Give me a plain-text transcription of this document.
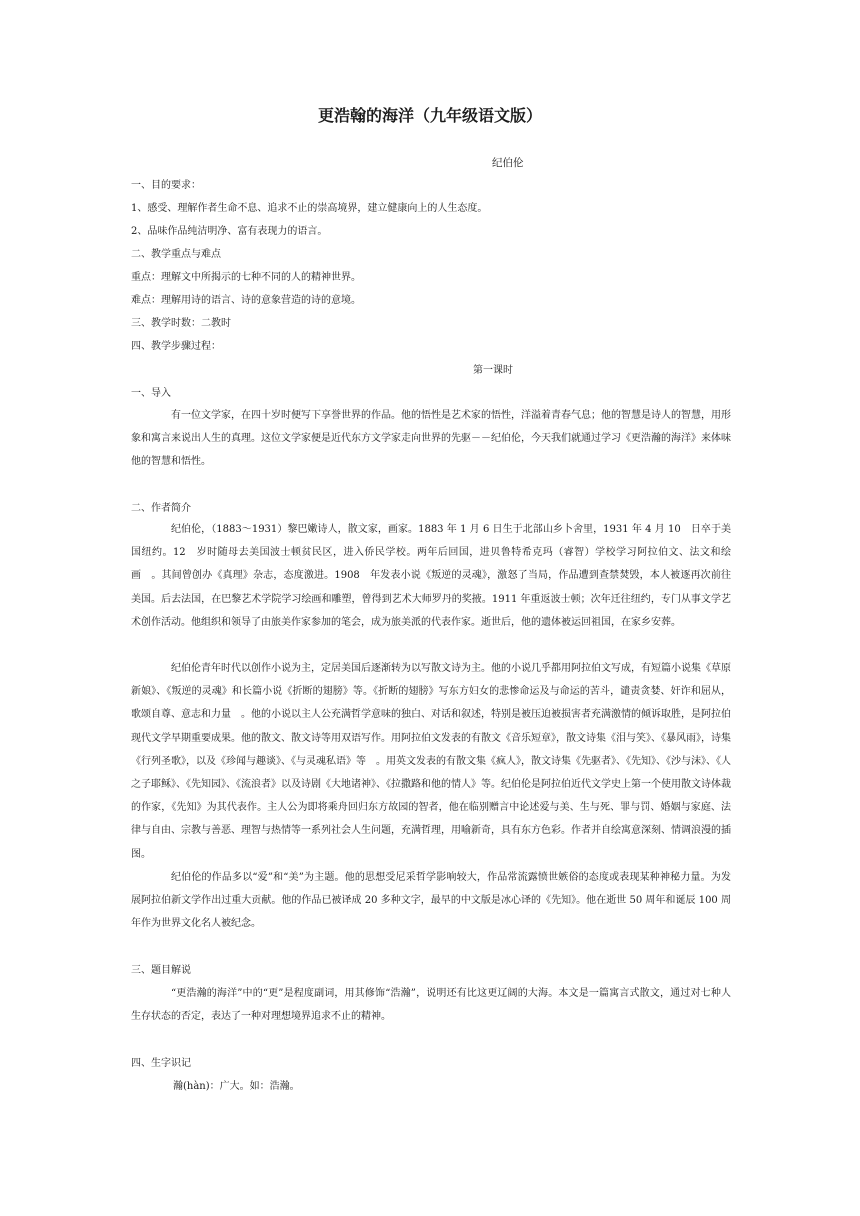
更浩翰的海洋（九年级语文版）
纪伯伦
一、目的要求：
1、感受、理解作者生命不息、追求不止的崇高境界，建立健康向上的人生态度。
2、品味作品纯洁明净、富有表现力的语言。
二、教学重点与难点
重点：理解文中所揭示的七种不同的人的精神世界。
难点：理解用诗的语言、诗的意象营造的诗的意境。
三、教学时数：二教时
四、教学步骤过程：
第一课时
一、导入
有一位文学家，在四十岁时便写下享誉世界的作品。他的悟性是艺术家的悟性，洋溢着青春气息；他的智慧是诗人的智慧，用形象和寓言来说出人生的真理。这位文学家便是近代东方文学家走向世界的先驱－－纪伯伦，今天我们就通过学习《更浩瀚的海洋》来体味他的智慧和悟性。
二、作者简介
纪伯伦，（1883～1931）黎巴嫩诗人，散文家，画家。1883 年 1 月 6 日生于北部山乡卜舍里，1931 年 4 月 10　日卒于美国纽约。12　岁时随母去美国波士顿贫民区，进入侨民学校。两年后回国，进贝鲁特希克玛（睿智）学校学习阿拉伯文、法文和绘画　。其间曾创办《真理》杂志，态度激进。1908　年发表小说《叛逆的灵魂》，激怒了当局，作品遭到查禁焚毁，本人被逐再次前往美国。后去法国，在巴黎艺术学院学习绘画和雕塑，曾得到艺术大师罗丹的奖掖。1911 年重返波士顿；次年迁往纽约，专门从事文学艺术创作活动。他组织和领导了由旅美作家参加的笔会，成为旅美派的代表作家。逝世后，他的遗体被运回祖国，在家乡安葬。
纪伯伦青年时代以创作小说为主，定居美国后逐渐转为以写散文诗为主。他的小说几乎都用阿拉伯文写成，有短篇小说集《草原新娘》、《叛逆的灵魂》和长篇小说《折断的翅膀》等。《折断的翅膀》写东方妇女的悲惨命运及与命运的苦斗，谴责贪婪、奸诈和屈从，歌颂自尊、意志和力量　。他的小说以主人公充满哲学意味的独白、对话和叙述，特别是被压迫被损害者充满激情的倾诉取胜，是阿拉伯现代文学早期重要成果。他的散文、散文诗等用双语写作。用阿拉伯文发表的有散文《音乐短章》，散文诗集《泪与笑》、《暴风雨》，诗集《行列圣歌》，以及《珍闻与趣谈》、《与灵魂私语》等　。用英文发表的有散文集《疯人》，散文诗集《先驱者》、《先知》、《沙与沫》、《人之子耶稣》、《先知园》、《流浪者》以及诗剧《大地诸神》、《拉撒路和他的情人》等。纪伯伦是阿拉伯近代文学史上第一个使用散文诗体裁的作家，《先知》为其代表作。主人公为即将乘舟回归东方故园的智者，他在临别赠言中论述爱与美、生与死、罪与罚、婚姻与家庭、法律与自由、宗教与善恶、理智与热情等一系列社会人生问题，充满哲理，用喻新奇，具有东方色彩。作者并自绘寓意深刻、情调浪漫的插图。
纪伯伦的作品多以“爱”和“美”为主题。他的思想受尼采哲学影响较大，作品常流露愤世嫉俗的态度或表现某种神秘力量。为发展阿拉伯新文学作出过重大贡献。他的作品已被译成 20 多种文字，最早的中文版是冰心译的《先知》。他在逝世 50 周年和诞辰 100 周年作为世界文化名人被纪念。
三、题目解说
“更浩瀚的海洋”中的“更”是程度副词，用其修饰“浩瀚”，说明还有比这更辽阔的大海。本文是一篇寓言式散文，通过对七种人生存状态的否定，表达了一种对理想境界追求不止的精神。
四、生字识记
瀚(hàn)：广大。如：浩瀚。
